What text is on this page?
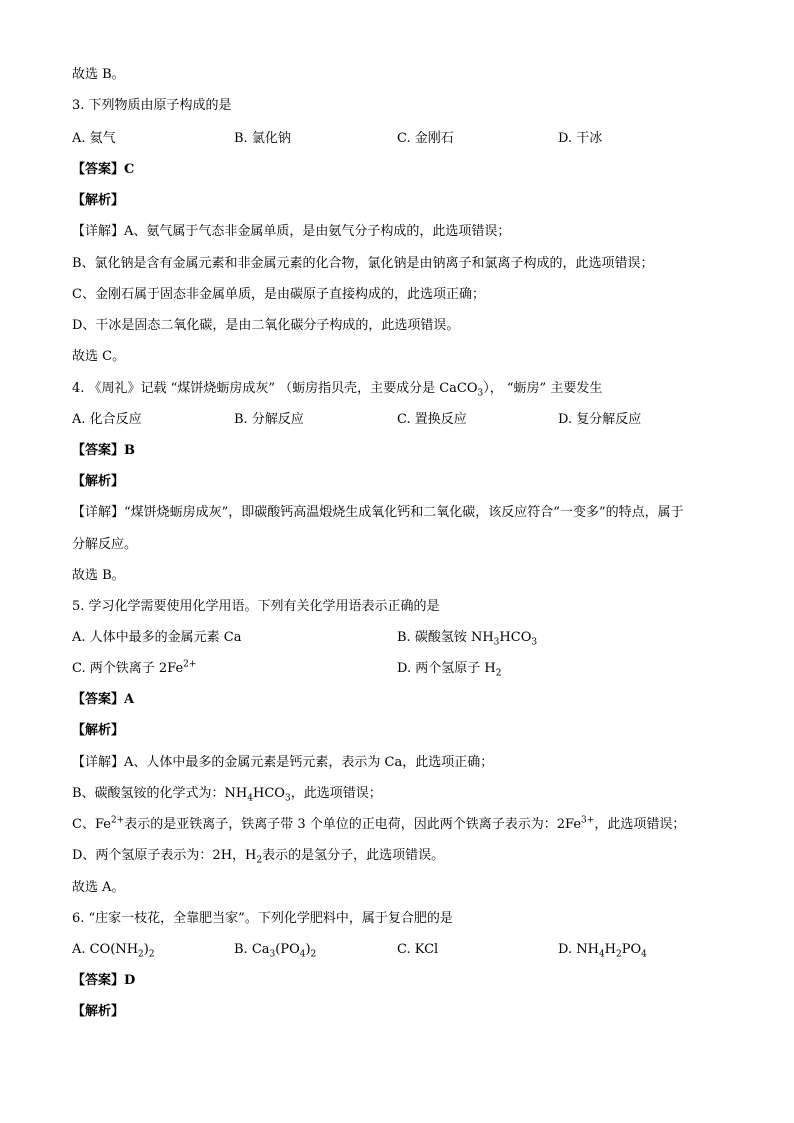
故选 B。
3. 下列物质由原子构成的是
A. 氦气	B. 氯化钠	C. 金刚石	D. 干冰
【答案】C
【解析】
【详解】A、氨气属于气态非金属单质，是由氨气分子构成的，此选项错误；
B、氯化钠是含有金属元素和非金属元素的化合物，氯化钠是由钠离子和氯离子构成的，此选项错误；
C、金刚石属于固态非金属单质，是由碳原子直接构成的，此选项正确；
D、干冰是固态二氧化碳，是由二氧化碳分子构成的，此选项错误。
故选 C。
4. 《周礼》记载 “煤饼烧蛎房成灰” （蛎房指贝壳，主要成分是 CaCO$_3$）， “蛎房” 主要发生
A. 化合反应	B. 分解反应	C. 置换反应	D. 复分解反应
【答案】B
【解析】
【详解】“煤饼烧蛎房成灰”，即碳酸钙高温煅烧生成氧化钙和二氧化碳，该反应符合“一变多”的特点，属于
分解反应。
故选 B。
5. 学习化学需要使用化学用语。下列有关化学用语表示正确的是
A. 人体中最多的金属元素 Ca	B. 碳酸氢铵 $NH_3HCO_3$
C. 两个铁离子 $2Fe^{2+}$	D. 两个氢原子 $H_2$
【答案】A
【解析】
【详解】A、人体中最多的金属元素是钙元素，表示为 Ca，此选项正确；
B、碳酸氢铵的化学式为：$NH_4HCO_3$，此选项错误；
C、$Fe^{2+}$表示的是亚铁离子，铁离子带 3 个单位的正电荷，因此两个铁离子表示为：$2Fe^{3+}$，此选项错误；
D、两个氢原子表示为：2H，$H_2$表示的是氢分子，此选项错误。
故选 A。
6. “庄家一枝花，全靠肥当家”。下列化学肥料中，属于复合肥的是
A. $CO(NH_2)_2$	B. $Ca_3(PO_4)_2$	C. KCl	D. $NH_4H_2PO_4$
【答案】D
【解析】
